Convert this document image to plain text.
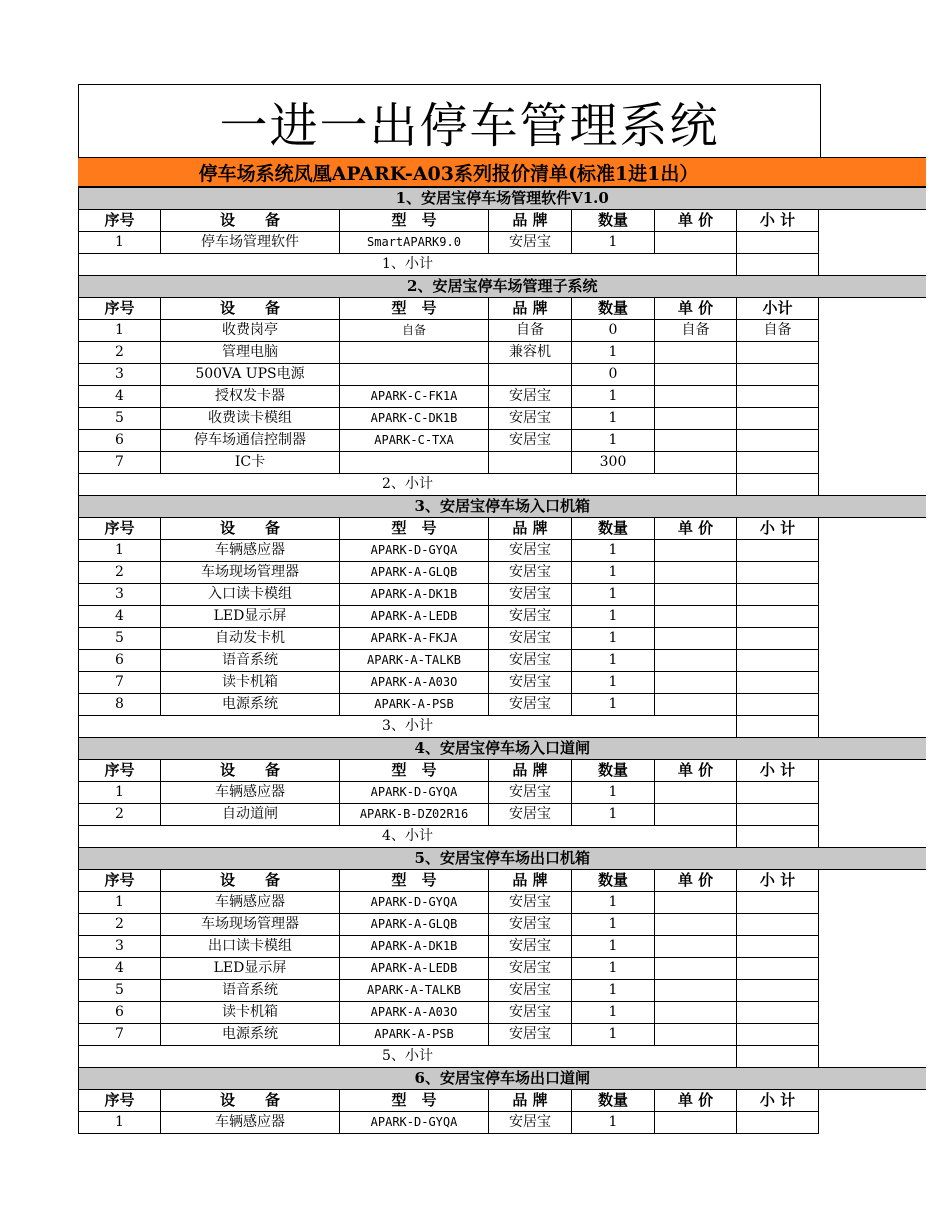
一进一出停车管理系统
停车场系统凤凰APARK-A03系列报价清单(标准1进1出）
1、安居宝停车场管理软件V1.0							
序号	设　　备	型　号	品 牌	数量	单 价	小 计	
1	停车场管理软件	SmartAPARK9.0	安居宝	1			
1、小计							
2、安居宝停车场管理子系统							
序号	设　　备	型　号	品 牌	数量	单 价	小计	
1	收费岗亭	自备	自备	0	自备	自备	
2	管理电脑		兼容机	1			
3	500VA UPS电源			0			
4	授权发卡器	APARK-C-FK1A	安居宝	1			
5	收费读卡模组	APARK-C-DK1B	安居宝	1			
6	停车场通信控制器	APARK-C-TXA	安居宝	1			
7	IC卡			300			
2、小计							
3、安居宝停车场入口机箱							
序号	设　　备	型　号	品 牌	数量	单 价	小 计	
1	车辆感应器	APARK-D-GYQA	安居宝	1			
2	车场现场管理器	APARK-A-GLQB	安居宝	1			
3	入口读卡模组	APARK-A-DK1B	安居宝	1			
4	LED显示屏	APARK-A-LEDB	安居宝	1			
5	自动发卡机	APARK-A-FKJA	安居宝	1			
6	语音系统	APARK-A-TALKB	安居宝	1			
7	读卡机箱	APARK-A-A03O	安居宝	1			
8	电源系统	APARK-A-PSB	安居宝	1			
3、小计							
4、安居宝停车场入口道闸							
序号	设　　备	型　号	品 牌	数量	单 价	小 计	
1	车辆感应器	APARK-D-GYQA	安居宝	1			
2	自动道闸	APARK-B-DZ02R16	安居宝	1			
4、小计							
5、安居宝停车场出口机箱							
序号	设　　备	型　号	品 牌	数量	单 价	小 计	
1	车辆感应器	APARK-D-GYQA	安居宝	1			
2	车场现场管理器	APARK-A-GLQB	安居宝	1			
3	出口读卡模组	APARK-A-DK1B	安居宝	1			
4	LED显示屏	APARK-A-LEDB	安居宝	1			
5	语音系统	APARK-A-TALKB	安居宝	1			
6	读卡机箱	APARK-A-A03O	安居宝	1			
7	电源系统	APARK-A-PSB	安居宝	1			
5、小计							
6、安居宝停车场出口道闸							
序号	设　　备	型　号	品 牌	数量	单 价	小 计	
1	车辆感应器	APARK-D-GYQA	安居宝	1			
